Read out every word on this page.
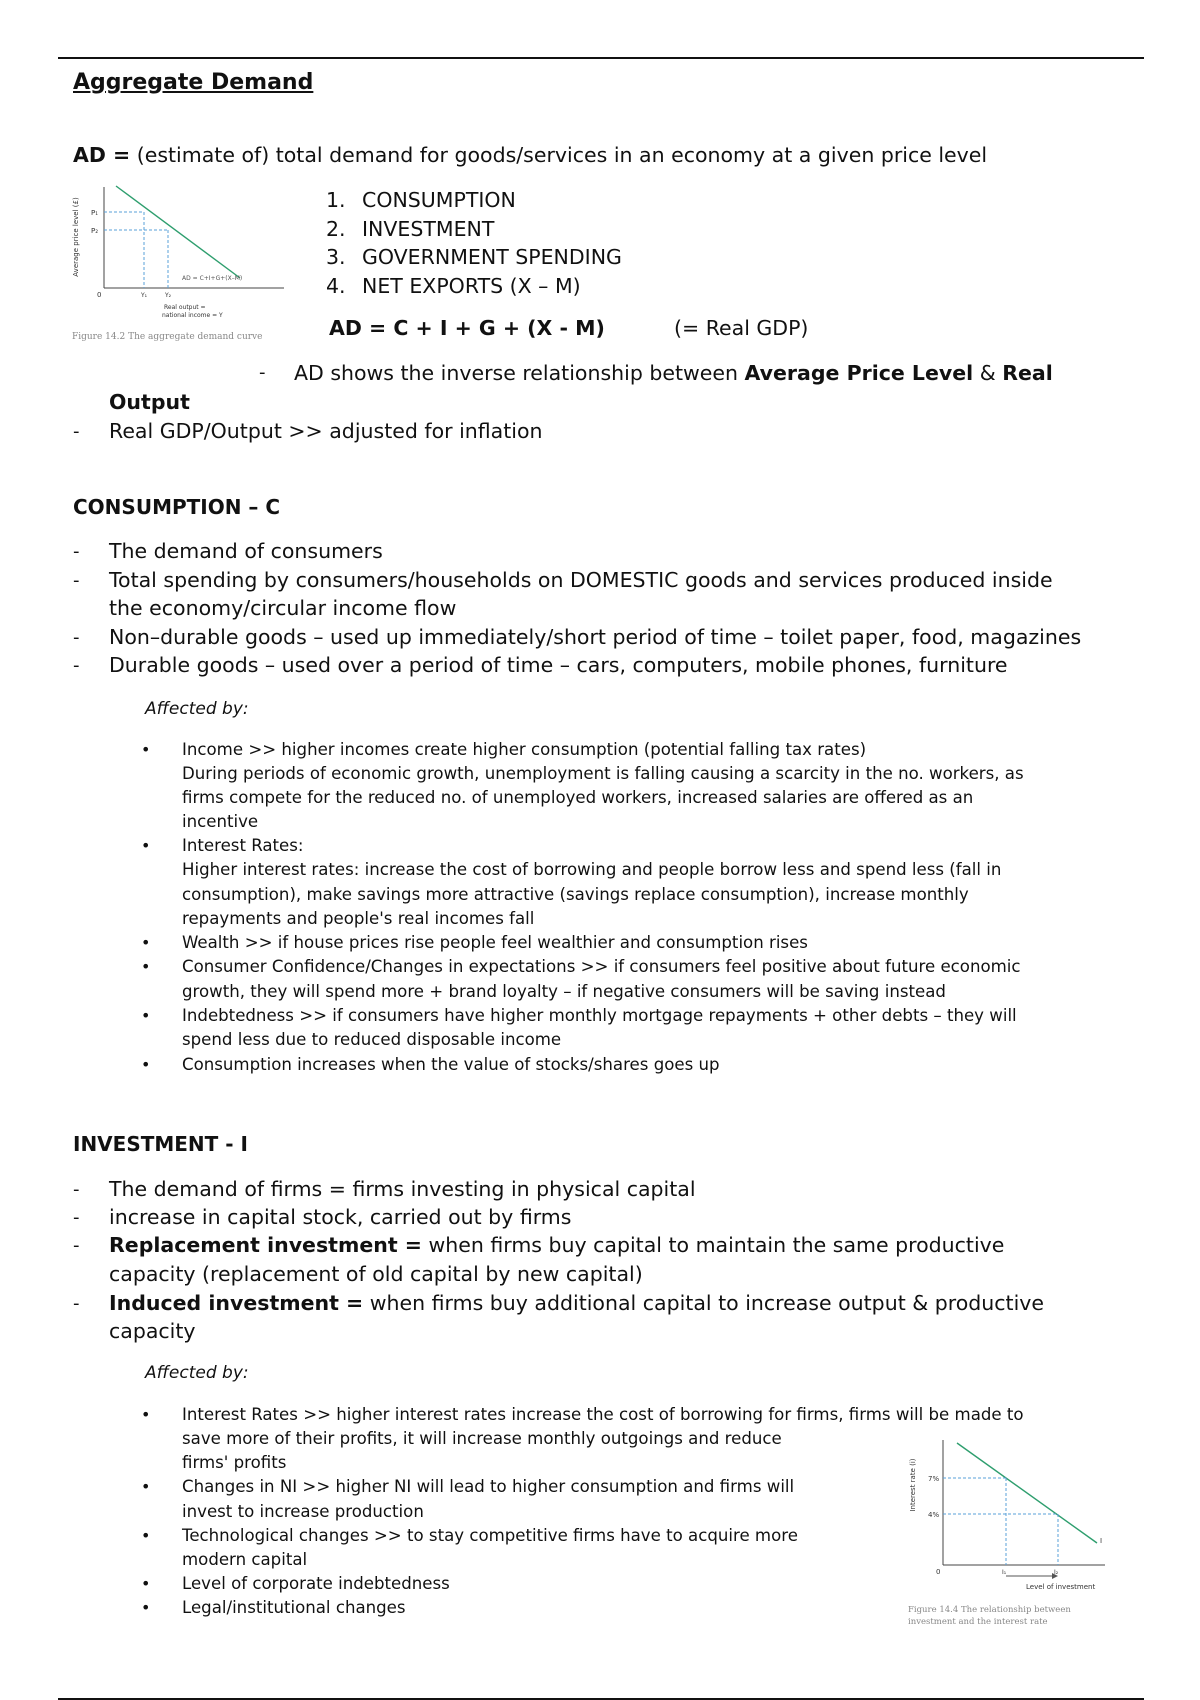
Aggregate Demand
AD = (estimate of) total demand for goods/services in an economy at a given price level
Average price level (£) P₁
P₂
AD = C+I+G+(X–M)
0	Y₁	Y₂
Real output =
national income = Y
Figure 14.2 The aggregate demand curve
1. CONSUMPTION
2. INVESTMENT
3. GOVERNMENT SPENDING
4. NET EXPORTS (X – M)
AD = C + I + G + (X - M)	(= Real GDP)
- AD shows the inverse relationship between Average Price Level & Real
Output
- Real GDP/Output >> adjusted for inflation
CONSUMPTION – C
- The demand of consumers
- Total spending by consumers/households on DOMESTIC goods and services produced inside
the economy/circular income flow
- Non–durable goods – used up immediately/short period of time – toilet paper, food, magazines
- Durable goods – used over a period of time – cars, computers, mobile phones, furniture
Affected by:
• Income >> higher incomes create higher consumption (potential falling tax rates)
During periods of economic growth, unemployment is falling causing a scarcity in the no. workers, as
firms compete for the reduced no. of unemployed workers, increased salaries are offered as an
incentive
• Interest Rates:
Higher interest rates: increase the cost of borrowing and people borrow less and spend less (fall in
consumption), make savings more attractive (savings replace consumption), increase monthly
repayments and people's real incomes fall
• Wealth >> if house prices rise people feel wealthier and consumption rises
• Consumer Confidence/Changes in expectations >> if consumers feel positive about future economic
growth, they will spend more + brand loyalty – if negative consumers will be saving instead
• Indebtedness >> if consumers have higher monthly mortgage repayments + other debts – they will
spend less due to reduced disposable income
• Consumption increases when the value of stocks/shares goes up
INVESTMENT - I
- The demand of firms = firms investing in physical capital
- increase in capital stock, carried out by firms
- Replacement investment = when firms buy capital to maintain the same productive
capacity (replacement of old capital by new capital)
- Induced investment = when firms buy additional capital to increase output & productive
capacity
Affected by:
• Interest Rates >> higher interest rates increase the cost of borrowing for firms, firms will be made to
save more of their profits, it will increase monthly outgoings and reduce
firms' profits
• Changes in NI >> higher NI will lead to higher consumption and firms will
invest to increase production
• Technological changes >> to stay competitive firms have to acquire more
modern capital
• Level of corporate indebtedness
• Legal/institutional changes
Interest rate (i) 7%
4%
I
0	I₁	I₂
Level of investment
Figure 14.4 The relationship between
investment and the interest rate
